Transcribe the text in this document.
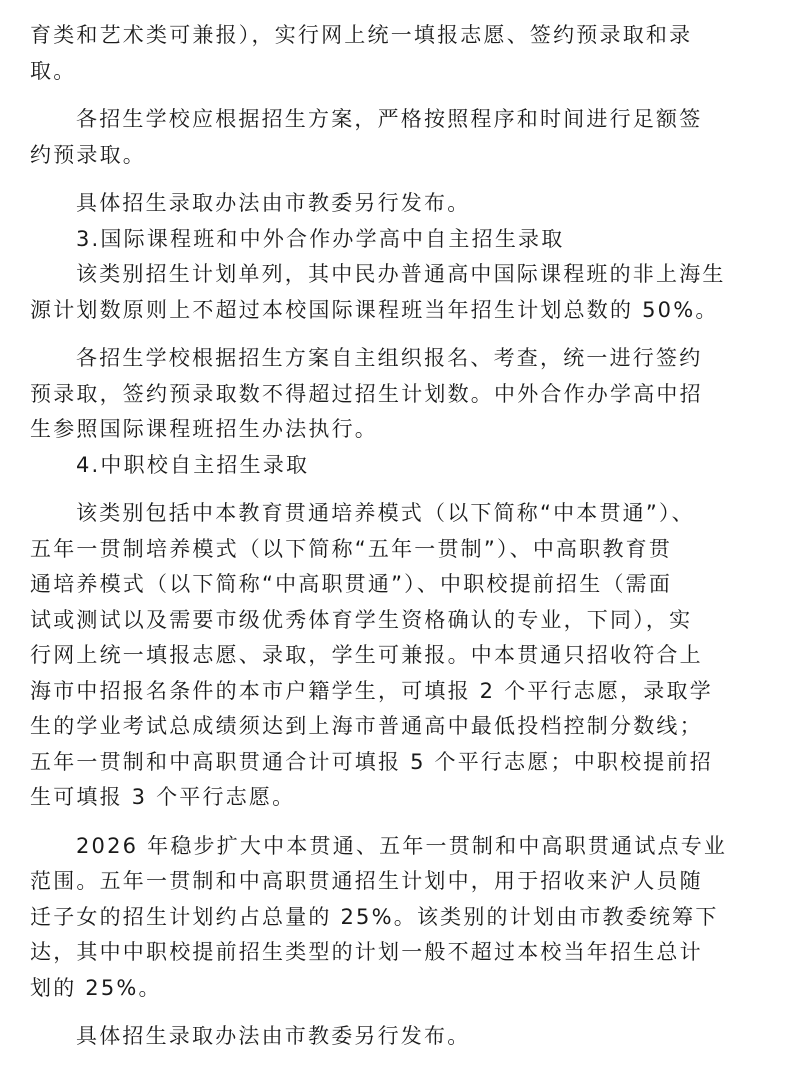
育类和艺术类可兼报），实行网上统一填报志愿、签约预录取和录
取。
各招生学校应根据招生方案，严格按照程序和时间进行足额签
约预录取。
具体招生录取办法由市教委另行发布。
3.国际课程班和中外合作办学高中自主招生录取
该类别招生计划单列，其中民办普通高中国际课程班的非上海生
源计划数原则上不超过本校国际课程班当年招生计划总数的 50%。
各招生学校根据招生方案自主组织报名、考查，统一进行签约
预录取，签约预录取数不得超过招生计划数。中外合作办学高中招
生参照国际课程班招生办法执行。
4.中职校自主招生录取
该类别包括中本教育贯通培养模式（以下简称“中本贯通”）、
五年一贯制培养模式（以下简称“五年一贯制”）、中高职教育贯
通培养模式（以下简称“中高职贯通”）、中职校提前招生（需面
试或测试以及需要市级优秀体育学生资格确认的专业，下同），实
行网上统一填报志愿、录取，学生可兼报。中本贯通只招收符合上
海市中招报名条件的本市户籍学生，可填报 2 个平行志愿，录取学
生的学业考试总成绩须达到上海市普通高中最低投档控制分数线；
五年一贯制和中高职贯通合计可填报 5 个平行志愿；中职校提前招
生可填报 3 个平行志愿。
2026 年稳步扩大中本贯通、五年一贯制和中高职贯通试点专业
范围。五年一贯制和中高职贯通招生计划中，用于招收来沪人员随
迁子女的招生计划约占总量的 25%。该类别的计划由市教委统筹下
达，其中中职校提前招生类型的计划一般不超过本校当年招生总计
划的 25%。
具体招生录取办法由市教委另行发布。
